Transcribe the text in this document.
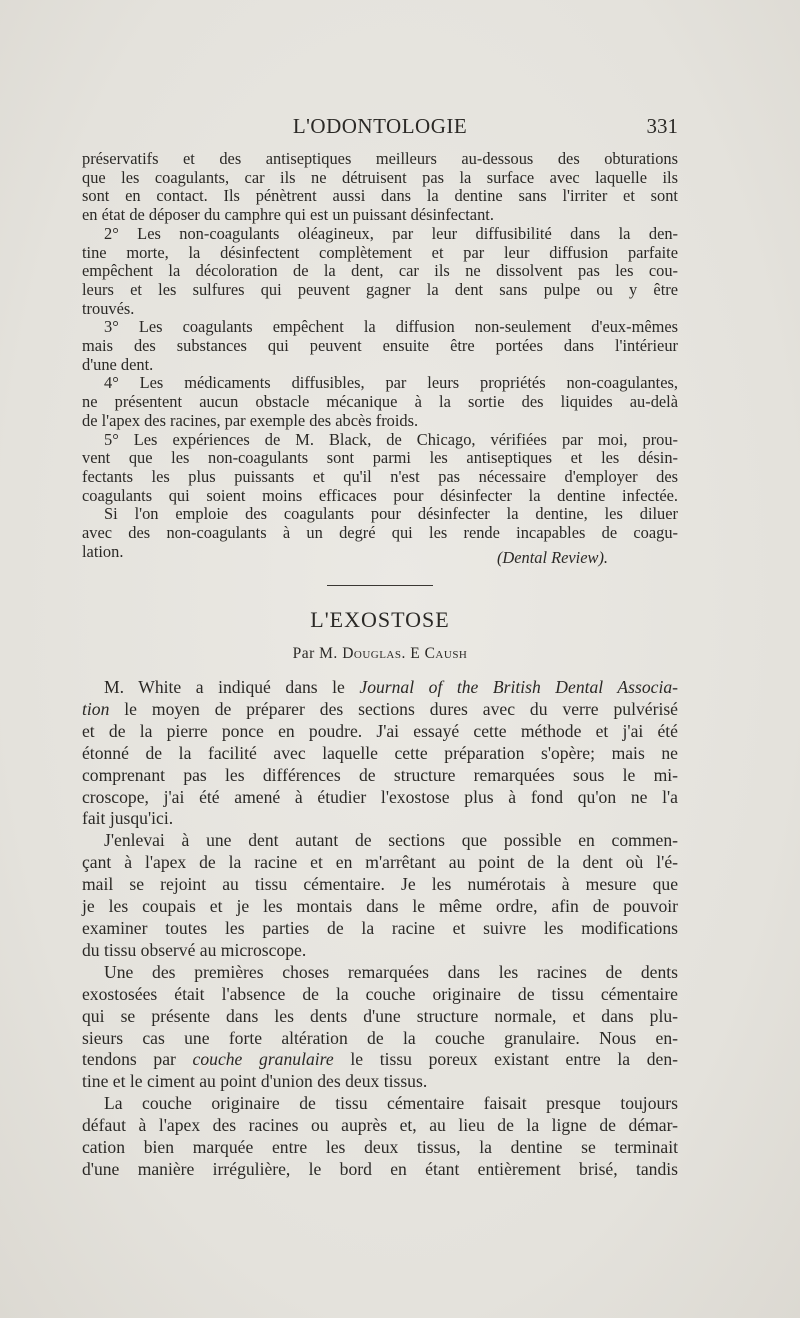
L'ODONTOLOGIE	331
préservatifs et des antiseptiques meilleurs au-dessous des obturations
que les coagulants, car ils ne détruisent pas la surface avec laquelle ils
sont en contact. Ils pénètrent aussi dans la dentine sans l'irriter et sont
en état de déposer du camphre qui est un puissant désinfectant.
2° Les non-coagulants oléagineux, par leur diffusibilité dans la den-
tine morte, la désinfectent complètement et par leur diffusion parfaite
empêchent la décoloration de la dent, car ils ne dissolvent pas les cou-
leurs et les sulfures qui peuvent gagner la dent sans pulpe ou y être
trouvés.
3° Les coagulants empêchent la diffusion non-seulement d'eux-mêmes
mais des substances qui peuvent ensuite être portées dans l'intérieur
d'une dent.
4° Les médicaments diffusibles, par leurs propriétés non-coagulantes,
ne présentent aucun obstacle mécanique à la sortie des liquides au-delà
de l'apex des racines, par exemple des abcès froids.
5° Les expériences de M. Black, de Chicago, vérifiées par moi, prou-
vent que les non-coagulants sont parmi les antiseptiques et les désin-
fectants les plus puissants et qu'il n'est pas nécessaire d'employer des
coagulants qui soient moins efficaces pour désinfecter la dentine infectée.
Si l'on emploie des coagulants pour désinfecter la dentine, les diluer
avec des non-coagulants à un degré qui les rende incapables de coagu-
lation.	(Dental Review).
L'EXOSTOSE
Par M. Douglas. E Caush
M. White a indiqué dans le Journal of the British Dental Associa-
tion le moyen de préparer des sections dures avec du verre pulvérisé
et de la pierre ponce en poudre. J'ai essayé cette méthode et j'ai été
étonné de la facilité avec laquelle cette préparation s'opère; mais ne
comprenant pas les différences de structure remarquées sous le mi-
croscope, j'ai été amené à étudier l'exostose plus à fond qu'on ne l'a
fait jusqu'ici.
J'enlevai à une dent autant de sections que possible en commen-
çant à l'apex de la racine et en m'arrêtant au point de la dent où l'é-
mail se rejoint au tissu cémentaire. Je les numérotais à mesure que
je les coupais et je les montais dans le même ordre, afin de pouvoir
examiner toutes les parties de la racine et suivre les modifications
du tissu observé au microscope.
Une des premières choses remarquées dans les racines de dents
exostosées était l'absence de la couche originaire de tissu cémentaire
qui se présente dans les dents d'une structure normale, et dans plu-
sieurs cas une forte altération de la couche granulaire. Nous en-
tendons par couche granulaire le tissu poreux existant entre la den-
tine et le ciment au point d'union des deux tissus.
La couche originaire de tissu cémentaire faisait presque toujours
défaut à l'apex des racines ou auprès et, au lieu de la ligne de démar-
cation bien marquée entre les deux tissus, la dentine se terminait
d'une manière irrégulière, le bord en étant entièrement brisé, tandis
